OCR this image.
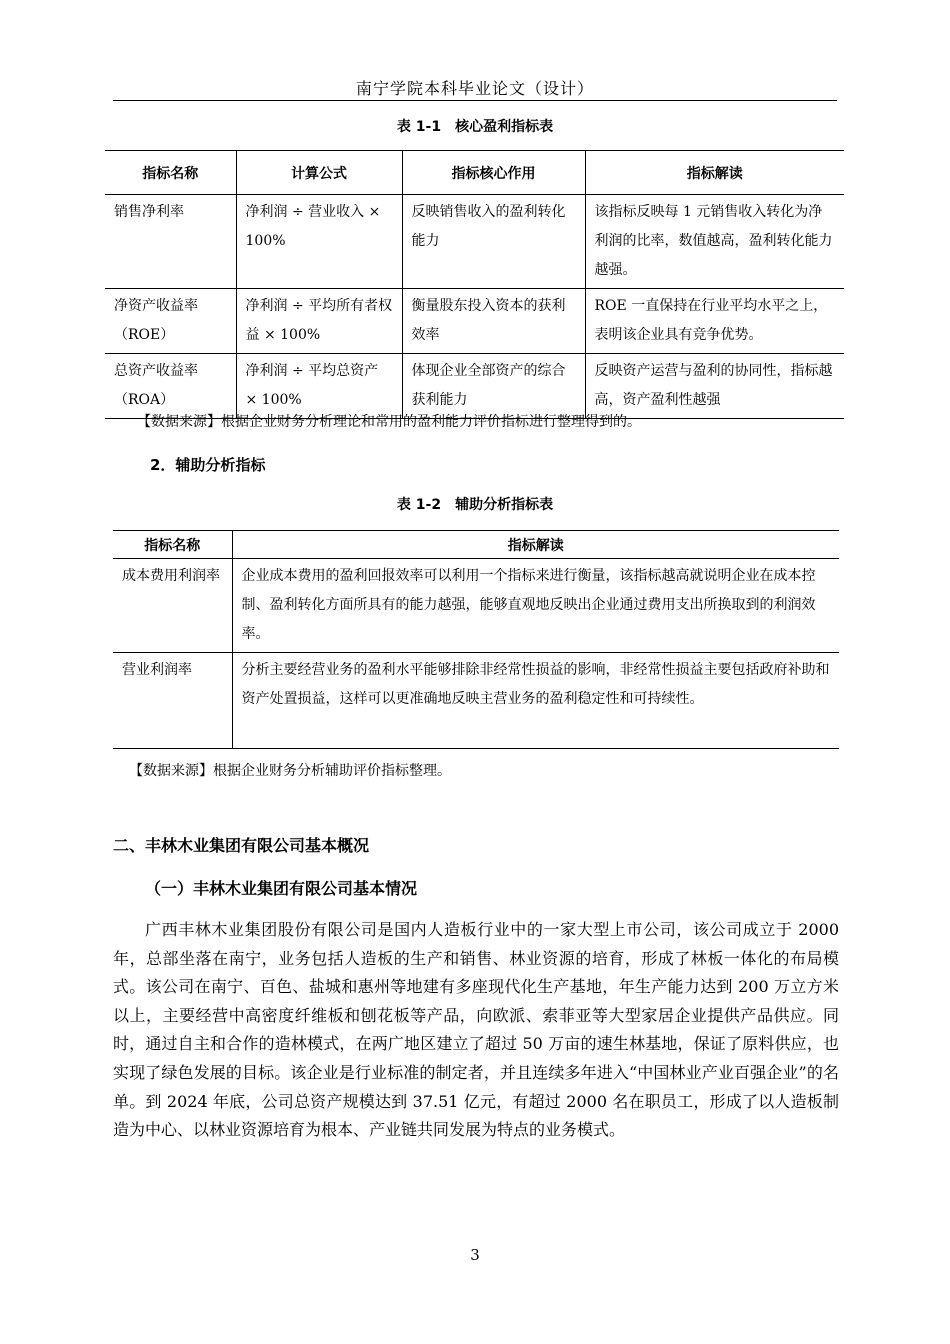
南宁学院本科毕业论文（设计）
表 1-1　核心盈利指标表
指标名称	计算公式	指标核心作用	指标解读
销售净利率	净利润 ÷ 营业收入 × 100%	反映销售收入的盈利转化能力	该指标反映每 1 元销售收入转化为净利润的比率，数值越高，盈利转化能力越强。
净资产收益率（ROE）	净利润 ÷ 平均所有者权益 × 100%	衡量股东投入资本的获利效率	ROE 一直保持在行业平均水平之上，表明该企业具有竞争优势。
总资产收益率（ROA）	净利润 ÷ 平均总资产 × 100%	体现企业全部资产的综合获利能力	反映资产运营与盈利的协同性，指标越高，资产盈利性越强
【数据来源】根据企业财务分析理论和常用的盈利能力评价指标进行整理得到的。
2．辅助分析指标
表 1-2　辅助分析指标表
指标名称	指标解读
成本费用利润率	企业成本费用的盈利回报效率可以利用一个指标来进行衡量，该指标越高就说明企业在成本控制、盈利转化方面所具有的能力越强，能够直观地反映出企业通过费用支出所换取到的利润效率。
营业利润率	分析主要经营业务的盈利水平能够排除非经常性损益的影响，非经常性损益主要包括政府补助和资产处置损益，这样可以更准确地反映主营业务的盈利稳定性和可持续性。
【数据来源】根据企业财务分析辅助评价指标整理。
二、丰林木业集团有限公司基本概况
（一）丰林木业集团有限公司基本情况

广西丰林木业集团股份有限公司是国内人造板行业中的一家大型上市公司，该公司成立于 2000 年，总部坐落在南宁，业务包括人造板的生产和销售、林业资源的培育，形成了林板一体化的布局模式。该公司在南宁、百色、盐城和惠州等地建有多座现代化生产基地，年生产能力达到 200 万立方米以上，主要经营中高密度纤维板和刨花板等产品，向欧派、索菲亚等大型家居企业提供产品供应。同时，通过自主和合作的造林模式，在两广地区建立了超过 50 万亩的速生林基地，保证了原料供应，也实现了绿色发展的目标。该企业是行业标准的制定者，并且连续多年进入“中国林业产业百强企业”的名单。到 2024 年底，公司总资产规模达到 37.51 亿元，有超过 2000 名在职员工，形成了以人造板制造为中心、以林业资源培育为根本、产业链共同发展为特点的业务模式。

3
